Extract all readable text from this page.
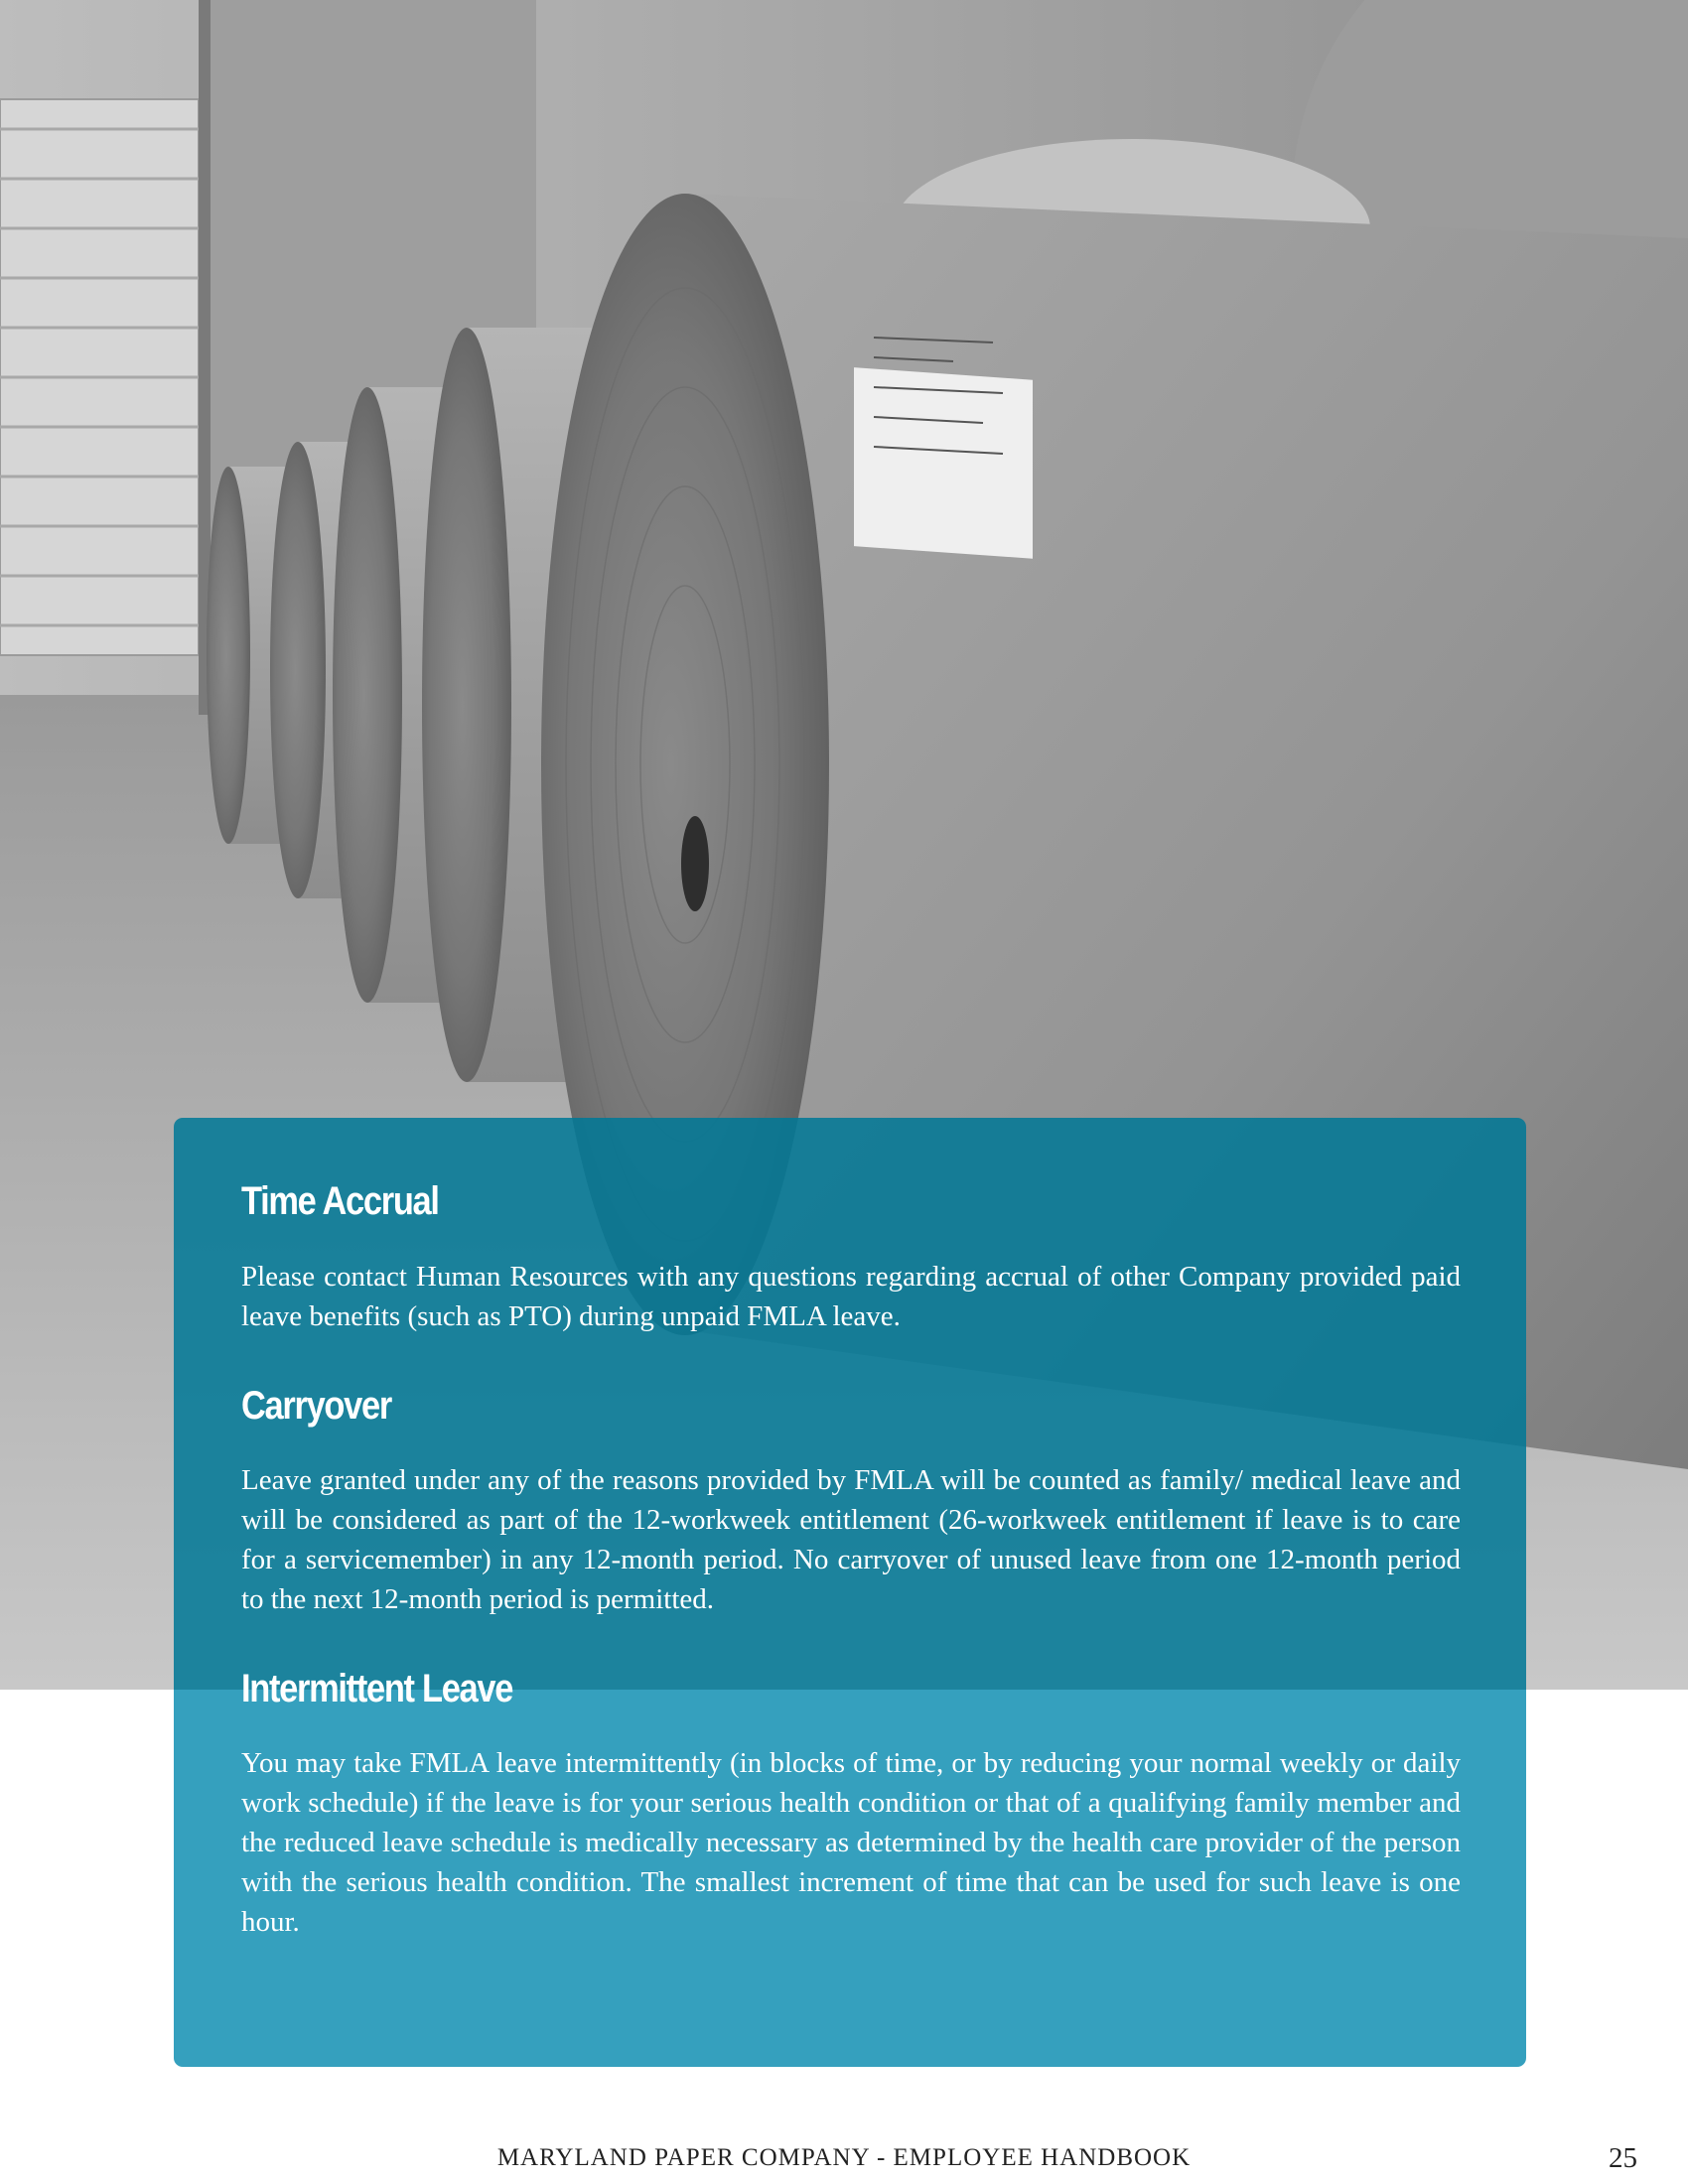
Time Accrual

Please contact Human Resources with any questions regarding accrual of other Company provided paid leave benefits (such as PTO) during unpaid FMLA leave.

Carryover

Leave granted under any of the reasons provided by FMLA will be counted as family/ medical leave and will be considered as part of the 12-workweek entitlement (26-workweek entitlement if leave is to care for a servicemember) in any 12-month period. No carryover of unused leave from one 12-month period to the next 12-month period is permitted.

Intermittent Leave

You may take FMLA leave intermittently (in blocks of time, or by reducing your normal weekly or daily work schedule) if the leave is for your serious health condition or that of a qualifying family member and the reduced leave schedule is medically necessary as determined by the health care provider of the person with the serious health condition. The smallest increment of time that can be used for such leave is one hour.

MARYLAND PAPER COMPANY - EMPLOYEE HANDBOOK	25
